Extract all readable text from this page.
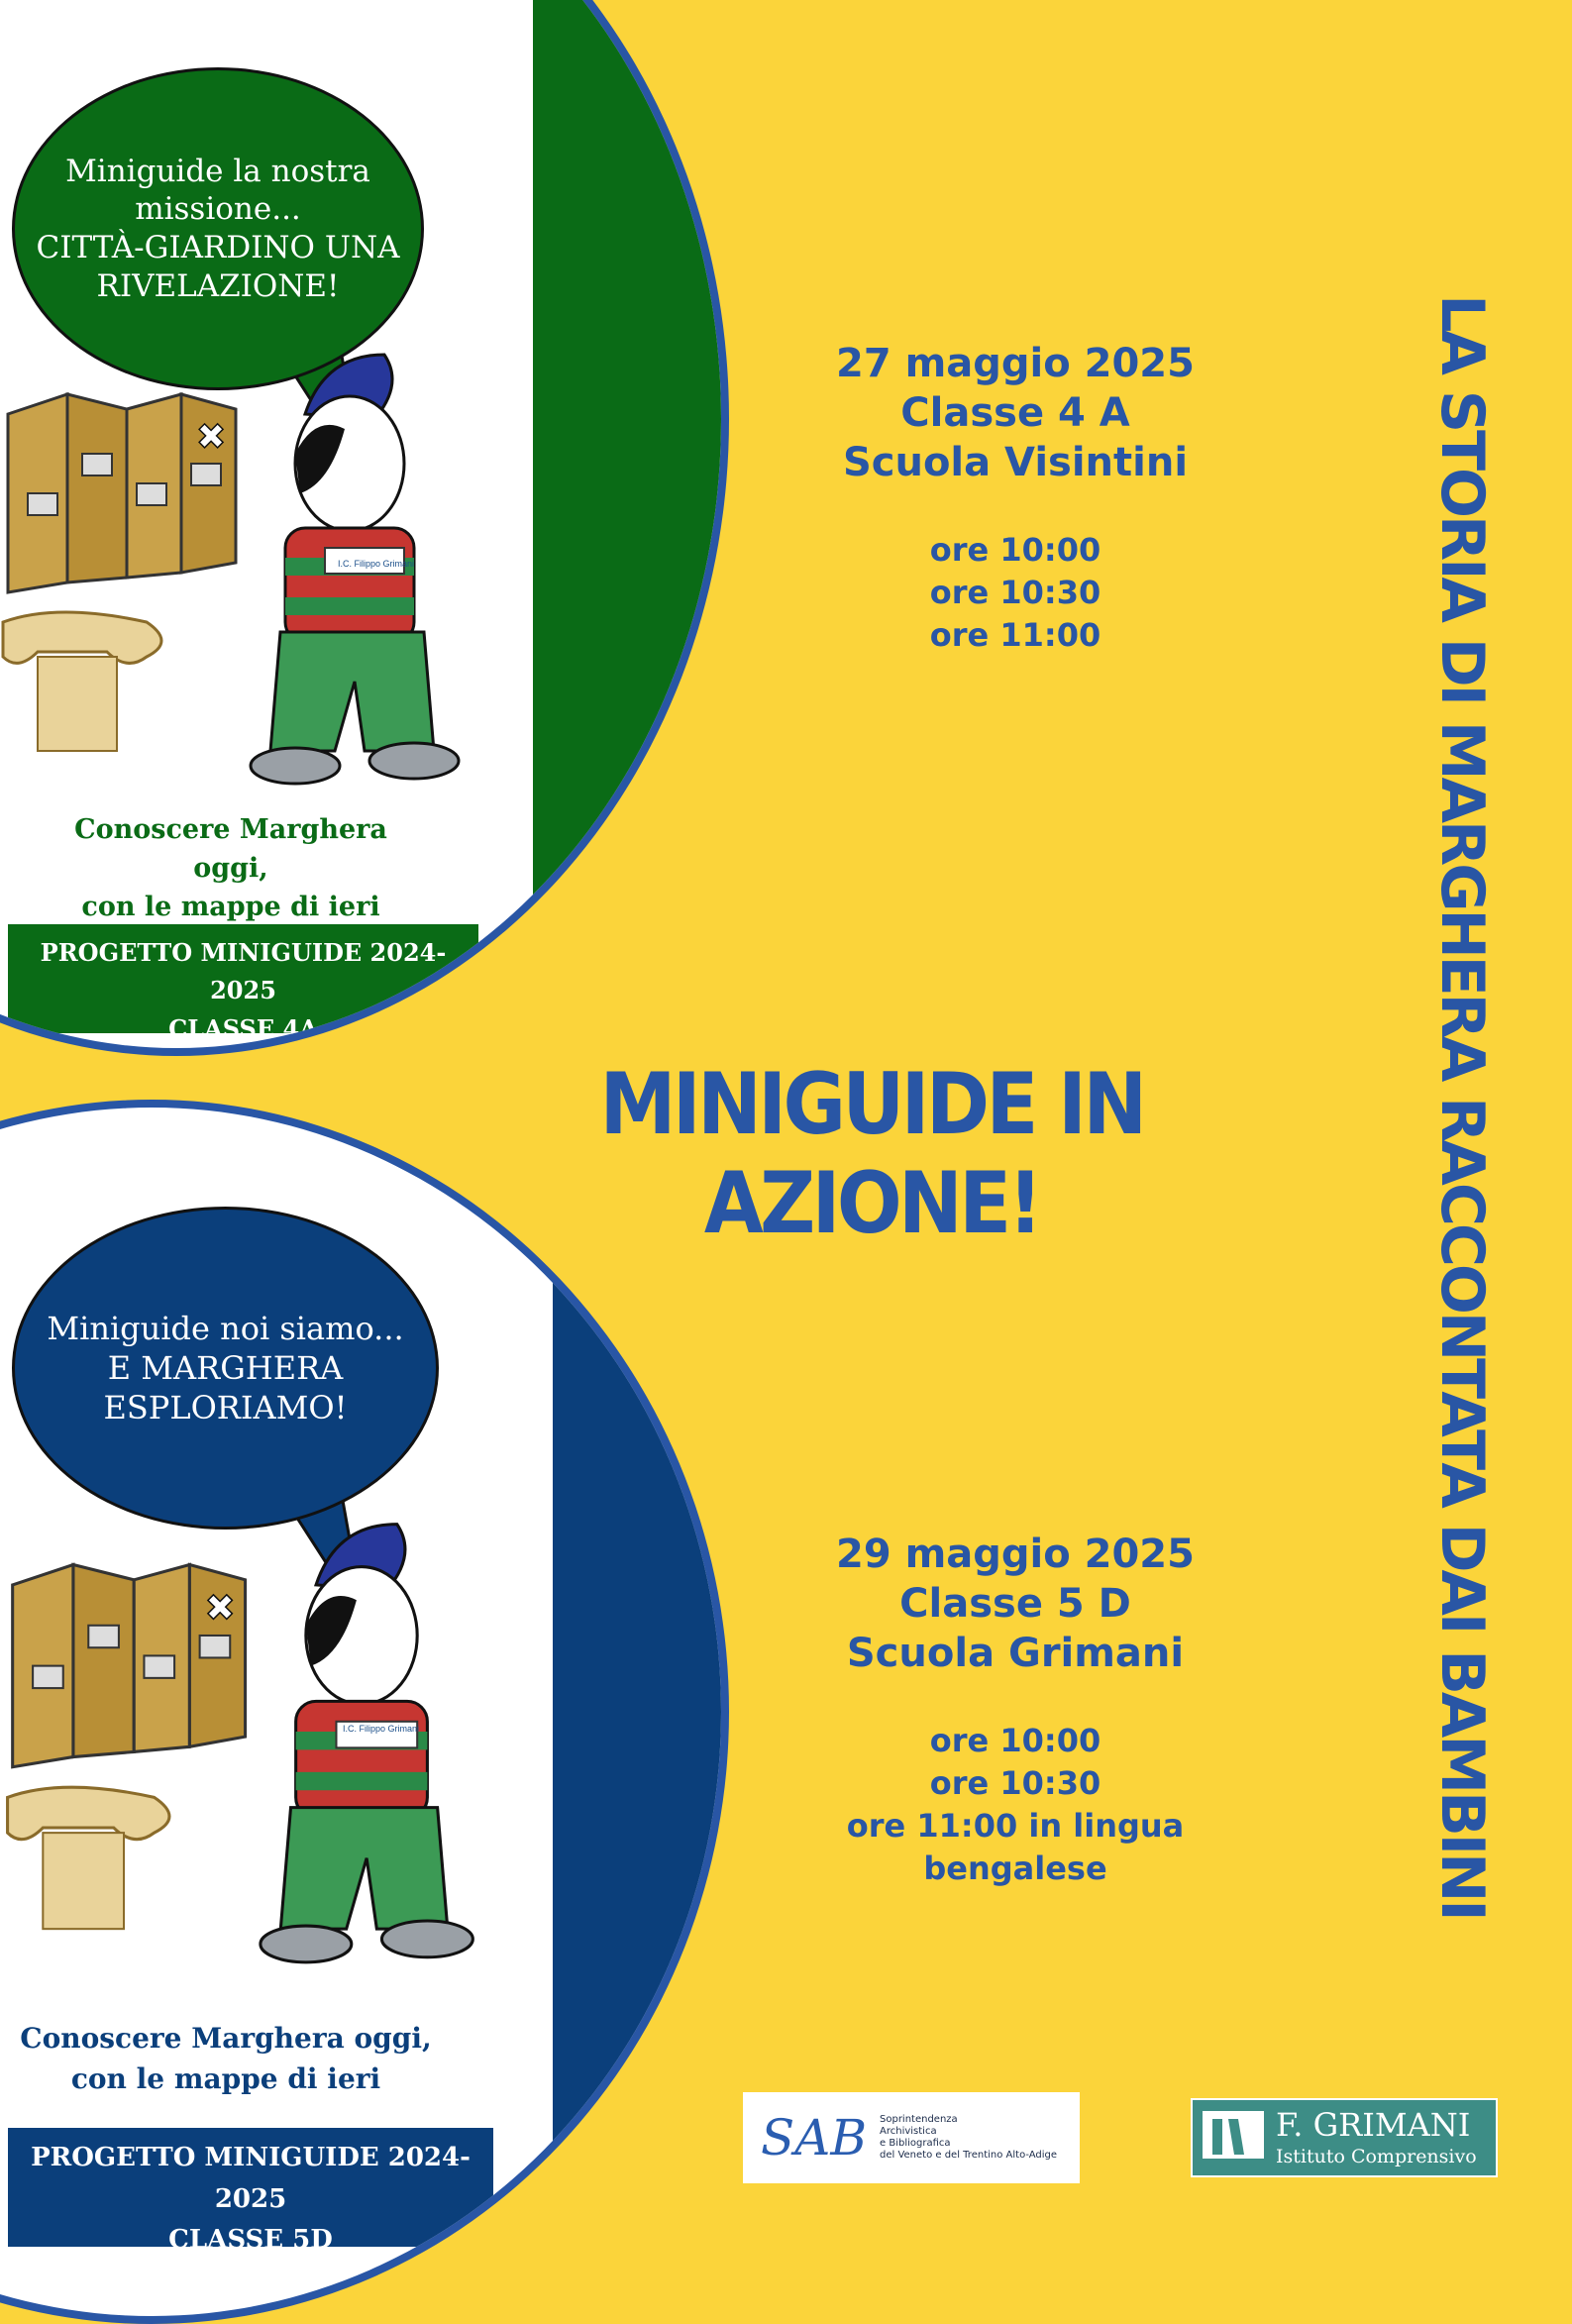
Miniguide la nostra
missione...
CITTÀ-GIARDINO UNA
RIVELAZIONE!
✖
I.C. Filippo Grimani
Conoscere Marghera oggi,
con le mappe di ieri
PROGETTO MINIGUIDE 2024-2025
CLASSE 4A
Miniguide noi siamo...
E MARGHERA
ESPLORIAMO!
✖
I.C. Filippo Grimani
Conoscere Marghera oggi,
con le mappe di ieri
PROGETTO MINIGUIDE 2024-2025
CLASSE 5D

27 maggio 2025

Classe 4 A

Scuola Visintini

ore 10:00

ore 10:30

ore 11:00

29 maggio 2025

Classe 5 D

Scuola Grimani

ore 10:00

ore 10:30

ore 11:00 in lingua bengalese

MINIGUIDE IN AZIONE!	LA STORIA DI MARGHERA RACCONTATA DAI BAMBINI
SAB Soprintendenza
Archivistica
e Bibliografica
del Veneto e del Trentino Alto-Adige
F. GRIMANI
Istituto Comprensivo
